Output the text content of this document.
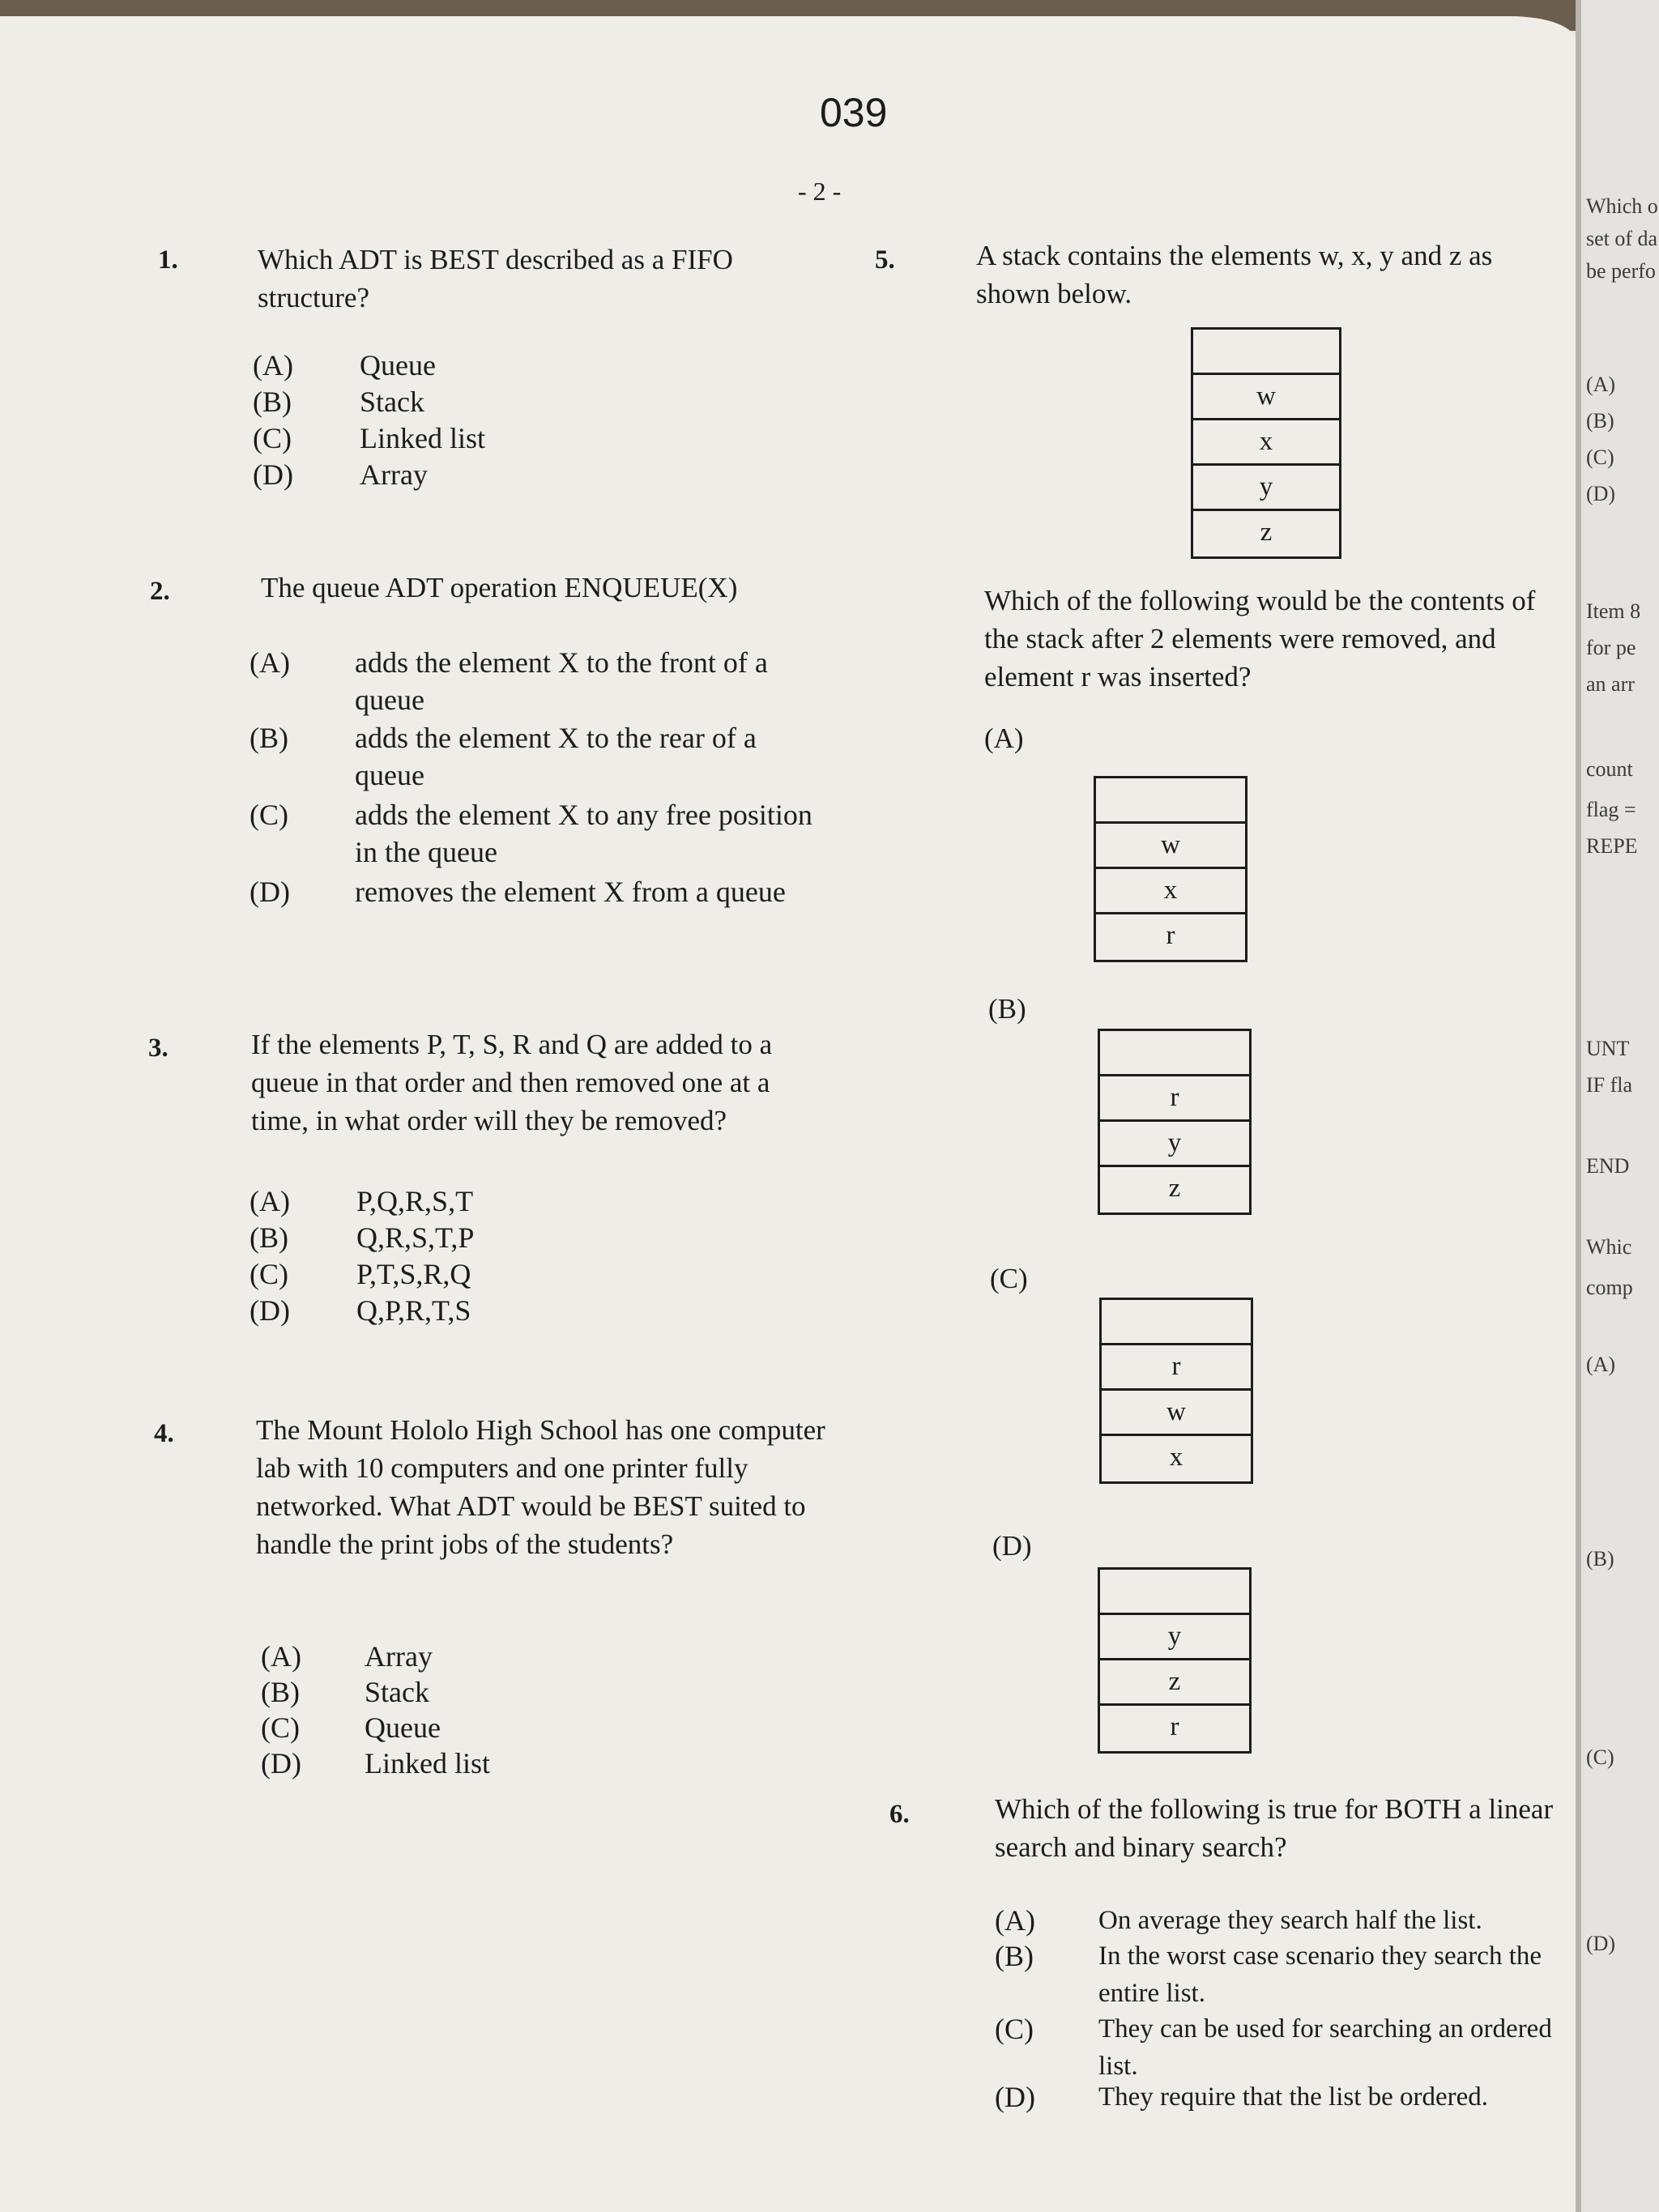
Which o
set of da
be perfo
(A)
(B)
(C)
(D)
Item 8
for pe
an arr
count
flag =
REPE
UNT
IF fla
END
Whic
comp
(A)
(B)
(C)
(D)
039
- 2 -
1.	Which ADT is BEST described as a FIFO structure?
(A) Queue
(B) Stack
(C) Linked list
(D) Array
2.	The queue ADT operation ENQUEUE(X)
(A) adds the element X to the front of a queue
(B) adds the element X to the rear of a queue
(C) adds the element X to any free position in the queue
(D) removes the element X from a queue
3.	If the elements P, T, S, R and Q are added to a queue in that order and then removed one at a time, in what order will they be removed?
(A) P,Q,R,S,T
(B) Q,R,S,T,P
(C) P,T,S,R,Q
(D) Q,P,R,T,S
4.	The Mount Hololo High School has one computer lab with 10 computers and one printer fully networked. What ADT would be BEST suited to handle the print jobs of the students?
(A) Array
(B) Stack
(C) Queue
(D) Linked list
5.	A stack contains the elements w, x, y and z as shown below.
w
x
y
z
Which of the following would be the contents of the stack after 2 elements were removed, and element r was inserted?
(A)
w
x
r
(B)
r
y
z
(C)
r
w
x
(D)
y
z
r
6.	Which of the following is true for BOTH a linear search and binary search?
(A) On average they search half the list.
(B) In the worst case scenario they search the entire list.
(C) They can be used for searching an ordered list.
(D) They require that the list be ordered.
